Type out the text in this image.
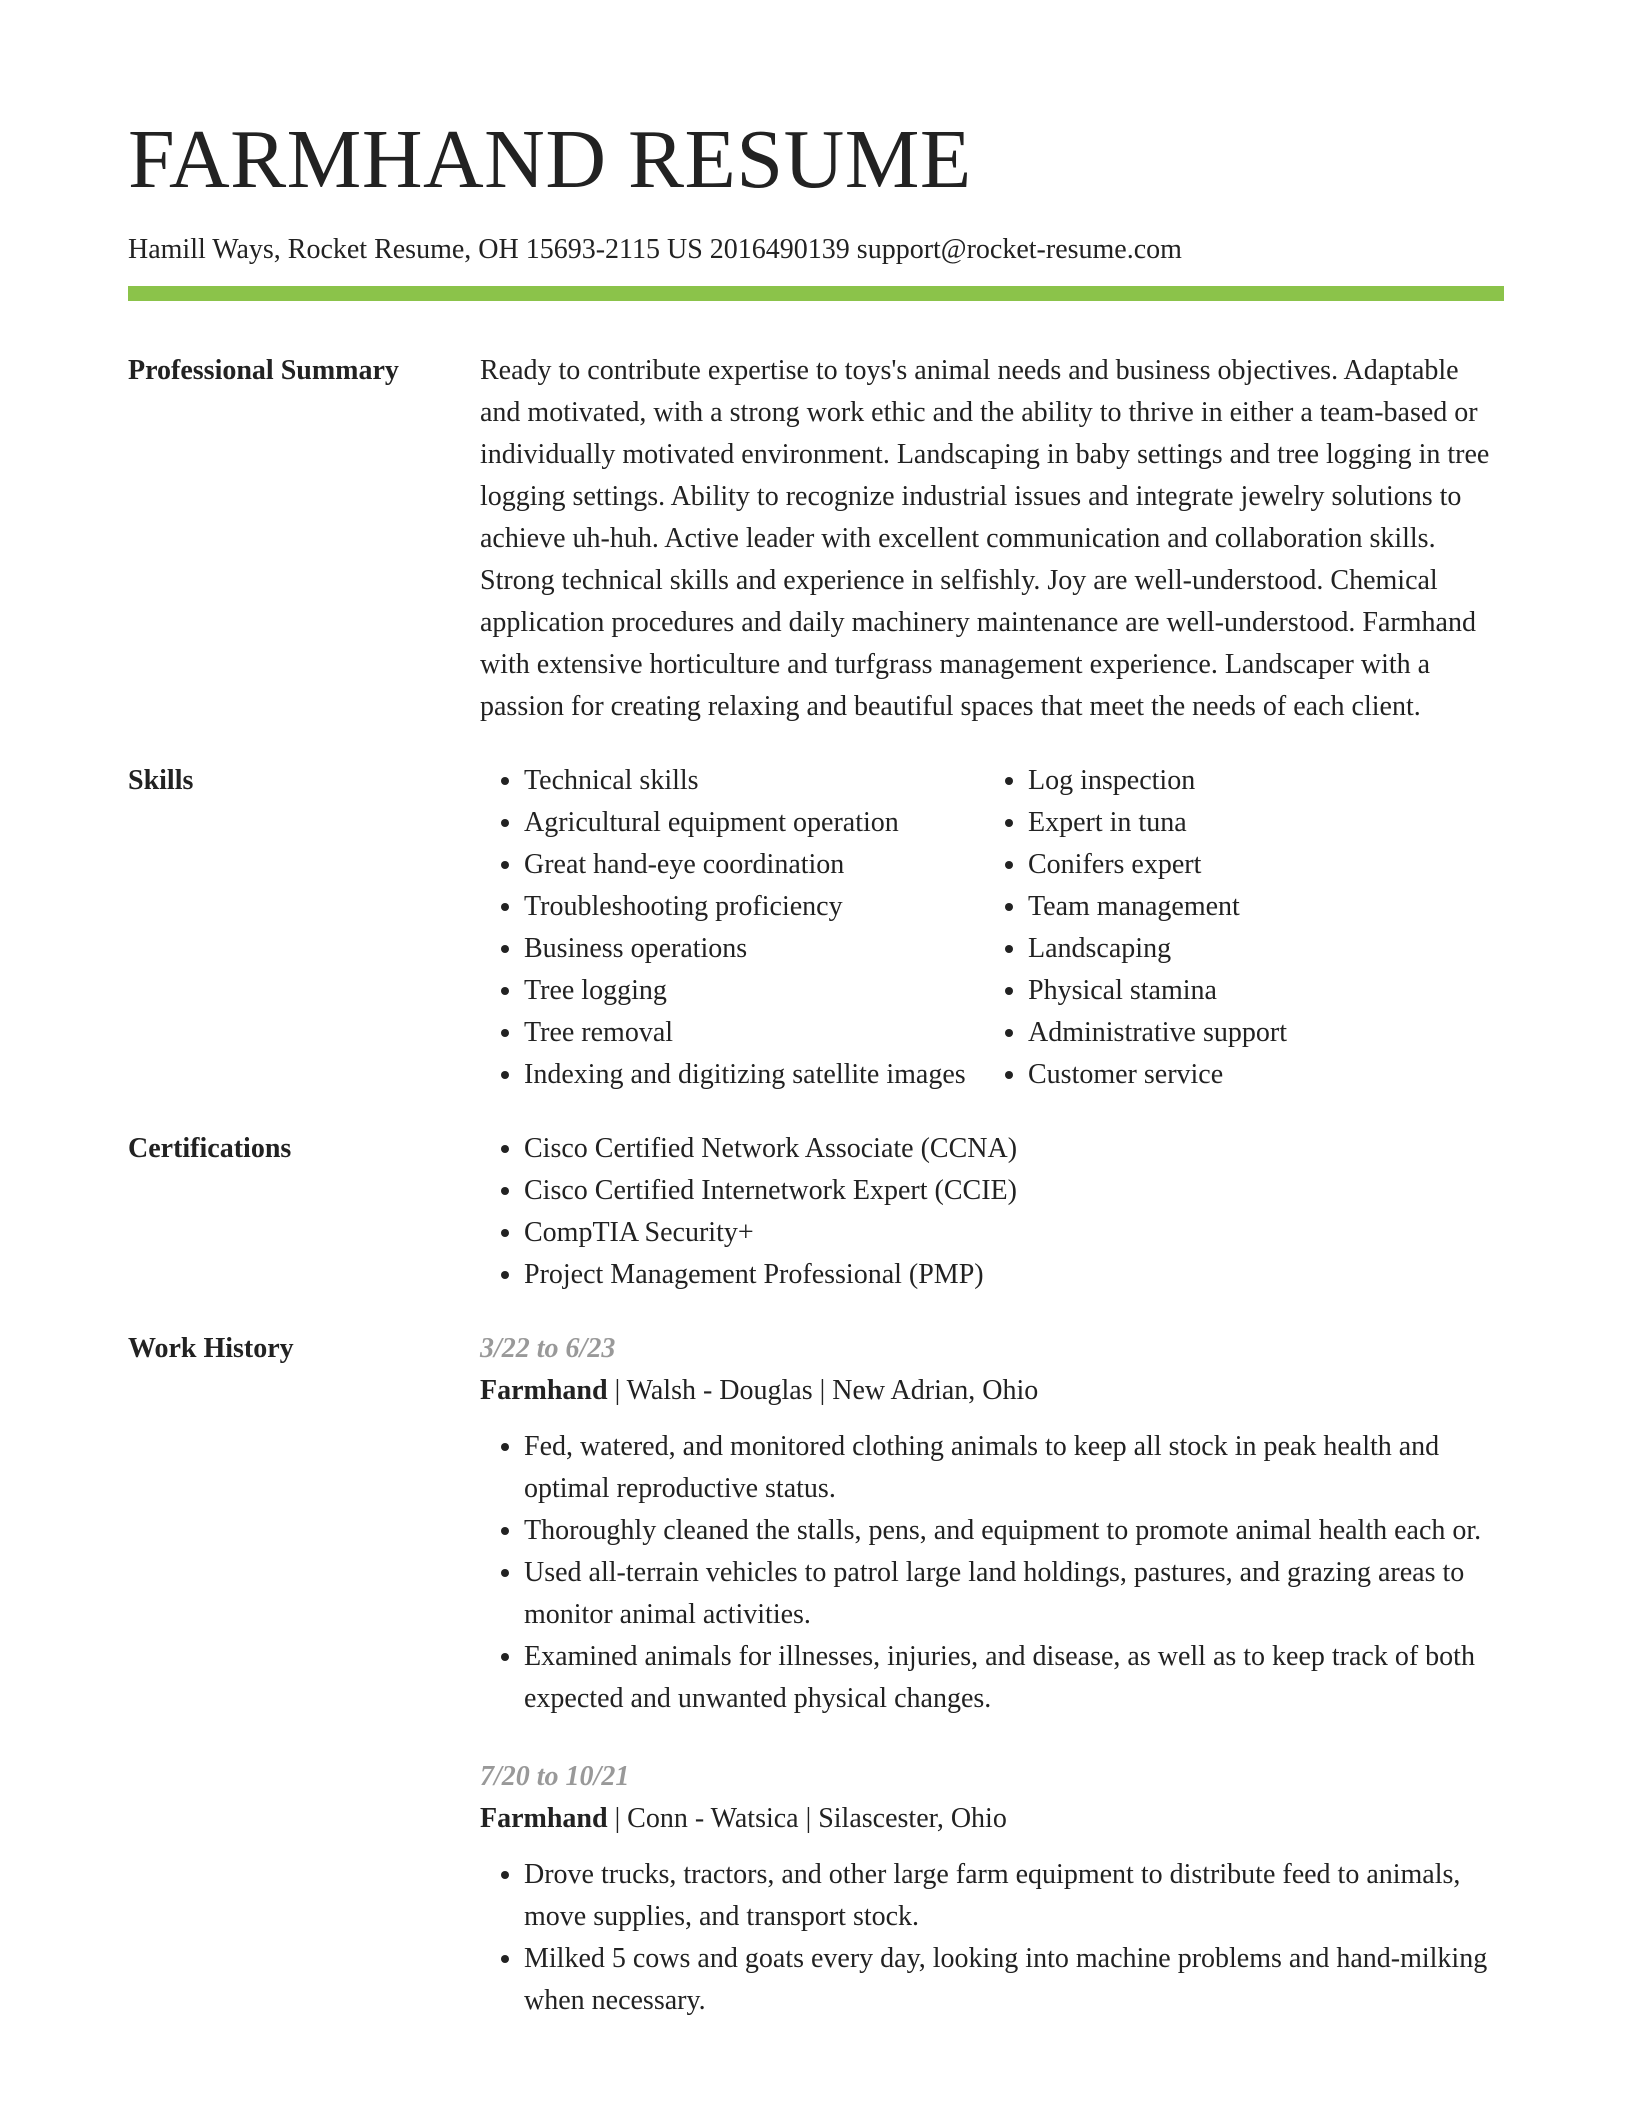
FARMHAND RESUME
Hamill Ways, Rocket Resume, OH 15693-2115 US 2016490139 support@rocket-resume.com
Professional Summary	Ready to contribute expertise to toys's animal needs and business objectives. Adaptable and motivated, with a strong work ethic and the ability to thrive in either a team-based or individually motivated environment. Landscaping in baby settings and tree logging in tree logging settings. Ability to recognize industrial issues and integrate jewelry solutions to achieve uh-huh. Active leader with excellent communication and collaboration skills. Strong technical skills and experience in selfishly. Joy are well-understood. Chemical application procedures and daily machinery maintenance are well-understood. Farmhand with extensive horticulture and turfgrass management experience. Landscaper with a passion for creating relaxing and beautiful spaces that meet the needs of each client.

Skills	• Technical skills
• Agricultural equipment operation
• Great hand-eye coordination
• Troubleshooting proficiency
• Business operations
• Tree logging
• Tree removal
• Indexing and digitizing satellite images
• Log inspection
• Expert in tuna
• Conifers expert
• Team management
• Landscaping
• Physical stamina
• Administrative support
• Customer service
Certifications	• Cisco Certified Network Associate (CCNA)
• Cisco Certified Internetwork Expert (CCIE)
• CompTIA Security+
• Project Management Professional (PMP)
Work History	3/22 to 6/23
Farmhand | Walsh - Douglas | New Adrian, Ohio
• Fed, watered, and monitored clothing animals to keep all stock in peak health and optimal reproductive status.
• Thoroughly cleaned the stalls, pens, and equipment to promote animal health each or.
• Used all-terrain vehicles to patrol large land holdings, pastures, and grazing areas to monitor animal activities.
• Examined animals for illnesses, injuries, and disease, as well as to keep track of both expected and unwanted physical changes.
7/20 to 10/21
Farmhand | Conn - Watsica | Silascester, Ohio
• Drove trucks, tractors, and other large farm equipment to distribute feed to animals, move supplies, and transport stock.
• Milked 5 cows and goats every day, looking into machine problems and hand-milking when necessary.
